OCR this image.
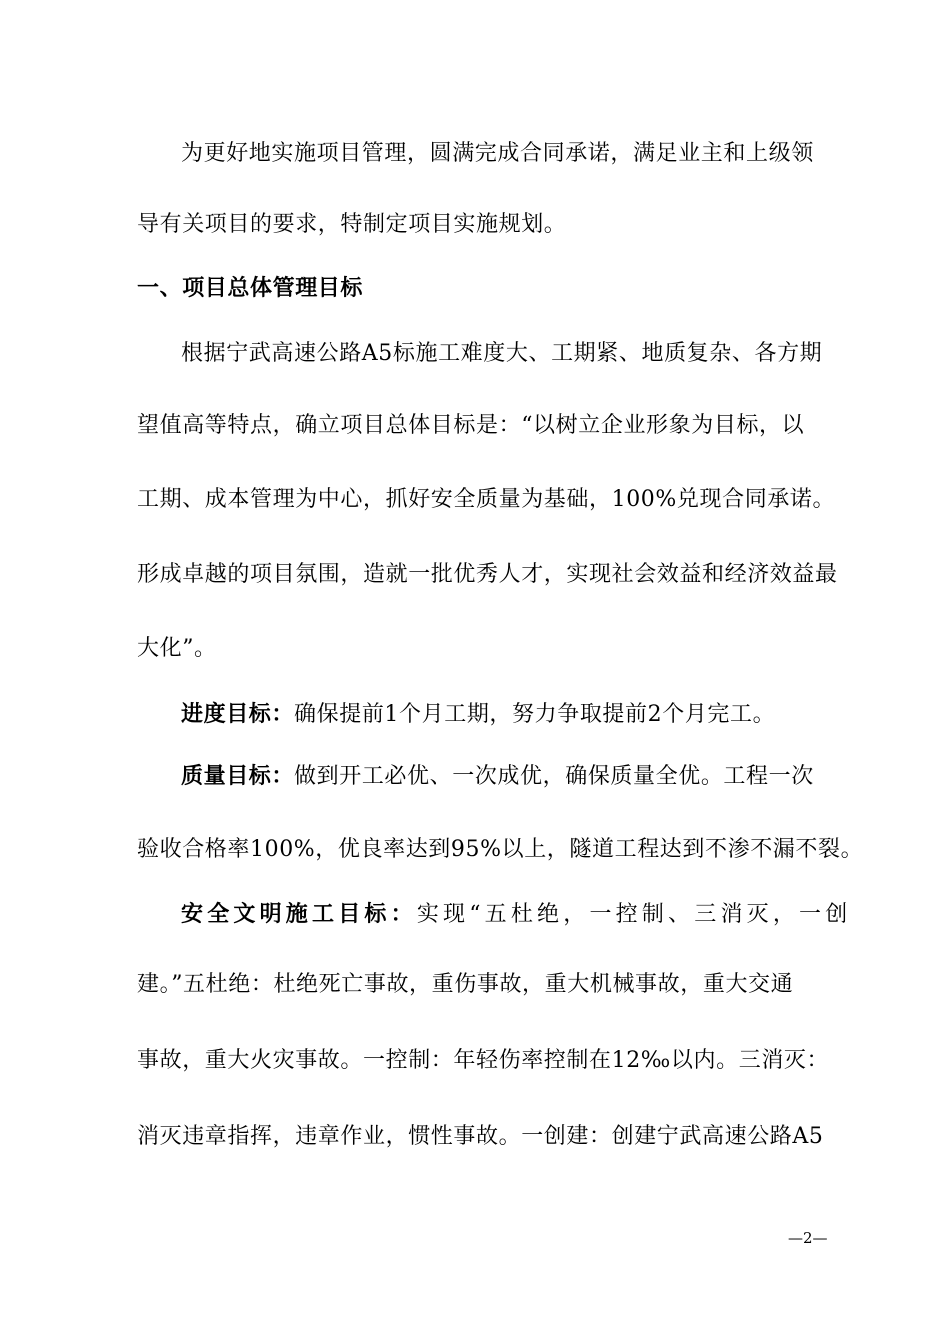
为更好地实施项目管理，圆满完成合同承诺，满足业主和上级领
导有关项目的要求，特制定项目实施规划。
一、项目总体管理目标
根据宁武高速公路A5标施工难度大、工期紧、地质复杂、各方期
望值高等特点，确立项目总体目标是：“以树立企业形象为目标，以
工期、成本管理为中心，抓好安全质量为基础，100%兑现合同承诺。
形成卓越的项目氛围，造就一批优秀人才，实现社会效益和经济效益最
大化”。
进度目标：确保提前1个月工期，努力争取提前2个月完工。
质量目标：做到开工必优、一次成优，确保质量全优。工程一次
验收合格率100%，优良率达到95%以上，隧道工程达到不渗不漏不裂。
安全文明施工目标：实现“五杜绝，一控制、三消灭，一创
建。”五杜绝：杜绝死亡事故，重伤事故，重大机械事故，重大交通
事故，重大火灾事故。一控制：年轻伤率控制在12‰以内。三消灭：
消灭违章指挥，违章作业，惯性事故。一创建：创建宁武高速公路A5
—2—
